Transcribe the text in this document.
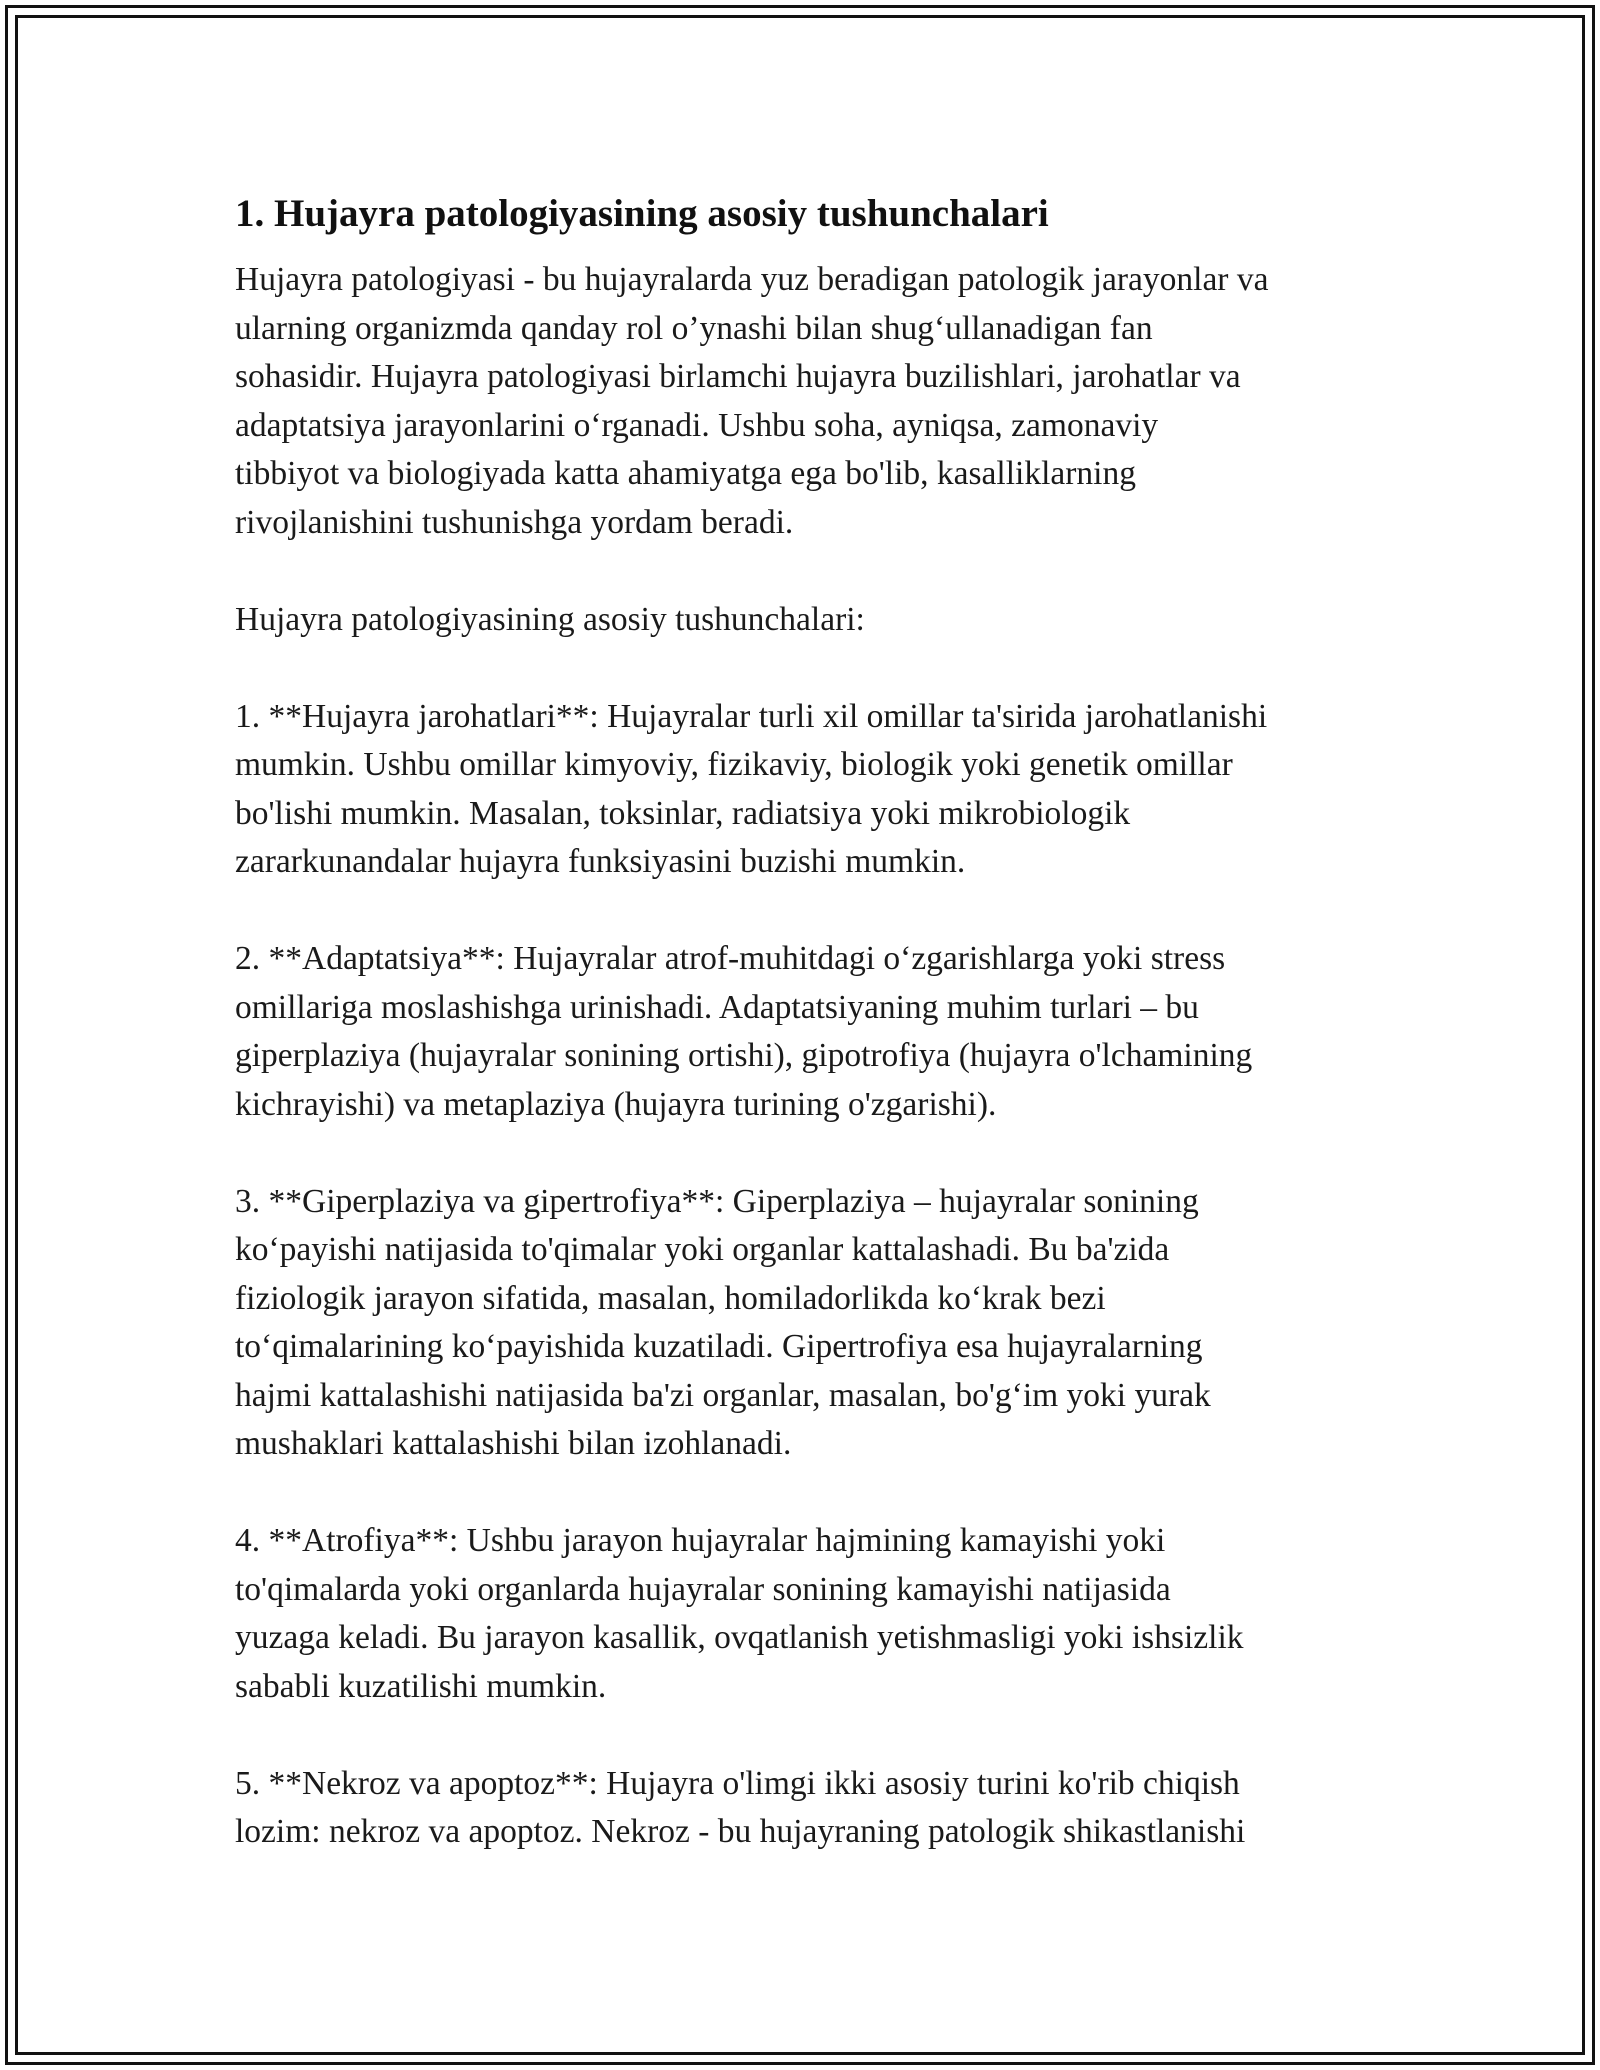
1. Hujayra patologiyasining asosiy tushunchalari
Hujayra patologiyasi - bu hujayralarda yuz beradigan patologik jarayonlar va
ularning organizmda qanday rol o’ynashi bilan shug‘ullanadigan fan
sohasidir. Hujayra patologiyasi birlamchi hujayra buzilishlari, jarohatlar va
adaptatsiya jarayonlarini o‘rganadi. Ushbu soha, ayniqsa, zamonaviy
tibbiyot va biologiyada katta ahamiyatga ega bo'lib, kasalliklarning
rivojlanishini tushunishga yordam beradi.
Hujayra patologiyasining asosiy tushunchalari:
1. **Hujayra jarohatlari**: Hujayralar turli xil omillar ta'sirida jarohatlanishi
mumkin. Ushbu omillar kimyoviy, fizikaviy, biologik yoki genetik omillar
bo'lishi mumkin. Masalan, toksinlar, radiatsiya yoki mikrobiologik
zararkunandalar hujayra funksiyasini buzishi mumkin.
2. **Adaptatsiya**: Hujayralar atrof-muhitdagi o‘zgarishlarga yoki stress
omillariga moslashishga urinishadi. Adaptatsiyaning muhim turlari – bu
giperplaziya (hujayralar sonining ortishi), gipotrofiya (hujayra o'lchamining
kichrayishi) va metaplaziya (hujayra turining o'zgarishi).
3. **Giperplaziya va gipertrofiya**: Giperplaziya – hujayralar sonining
ko‘payishi natijasida to'qimalar yoki organlar kattalashadi. Bu ba'zida
fiziologik jarayon sifatida, masalan, homiladorlikda ko‘krak bezi
to‘qimalarining ko‘payishida kuzatiladi. Gipertrofiya esa hujayralarning
hajmi kattalashishi natijasida ba'zi organlar, masalan, bo'g‘im yoki yurak
mushaklari kattalashishi bilan izohlanadi.
4. **Atrofiya**: Ushbu jarayon hujayralar hajmining kamayishi yoki
to'qimalarda yoki organlarda hujayralar sonining kamayishi natijasida
yuzaga keladi. Bu jarayon kasallik, ovqatlanish yetishmasligi yoki ishsizlik
sababli kuzatilishi mumkin.
5. **Nekroz va apoptoz**: Hujayra o'limgi ikki asosiy turini ko'rib chiqish
lozim: nekroz va apoptoz. Nekroz - bu hujayraning patologik shikastlanishi
